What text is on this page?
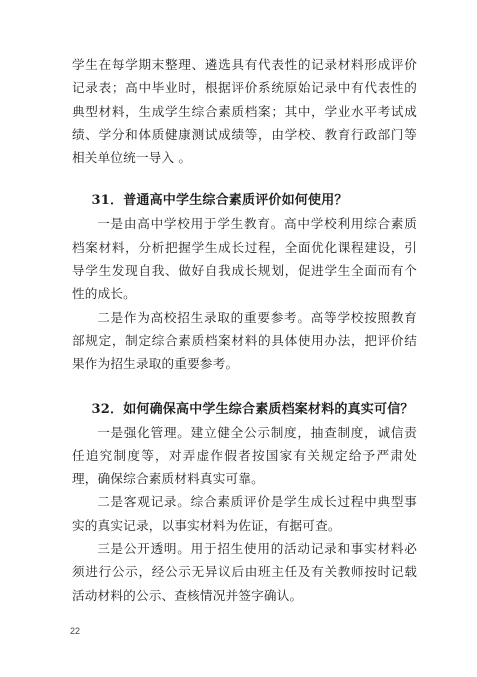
学生在每学期末整理、遴选具有代表性的记录材料形成评价记录表；高中毕业时，根据评价系统原始记录中有代表性的典型材料，生成学生综合素质档案；其中，学业水平考试成绩、学分和体质健康测试成绩等，由学校、教育行政部门等相关单位统一导入 。

31．普通高中学生综合素质评价如何使用？

一是由高中学校用于学生教育。高中学校利用综合素质档案材料，分析把握学生成长过程，全面优化课程建设，引导学生发现自我、做好自我成长规划，促进学生全面而有个性的成长。

二是作为高校招生录取的重要参考。高等学校按照教育部规定，制定综合素质档案材料的具体使用办法，把评价结果作为招生录取的重要参考。

32．如何确保高中学生综合素质档案材料的真实可信？

一是强化管理。建立健全公示制度，抽查制度，诚信责任追究制度等，对弄虚作假者按国家有关规定给予严肃处理，确保综合素质材料真实可靠。

二是客观记录。综合素质评价是学生成长过程中典型事实的真实记录，以事实材料为佐证，有据可查。

三是公开透明。用于招生使用的活动记录和事实材料必须进行公示，经公示无异议后由班主任及有关教师按时记载活动材料的公示、查核情况并签字确认。

22
